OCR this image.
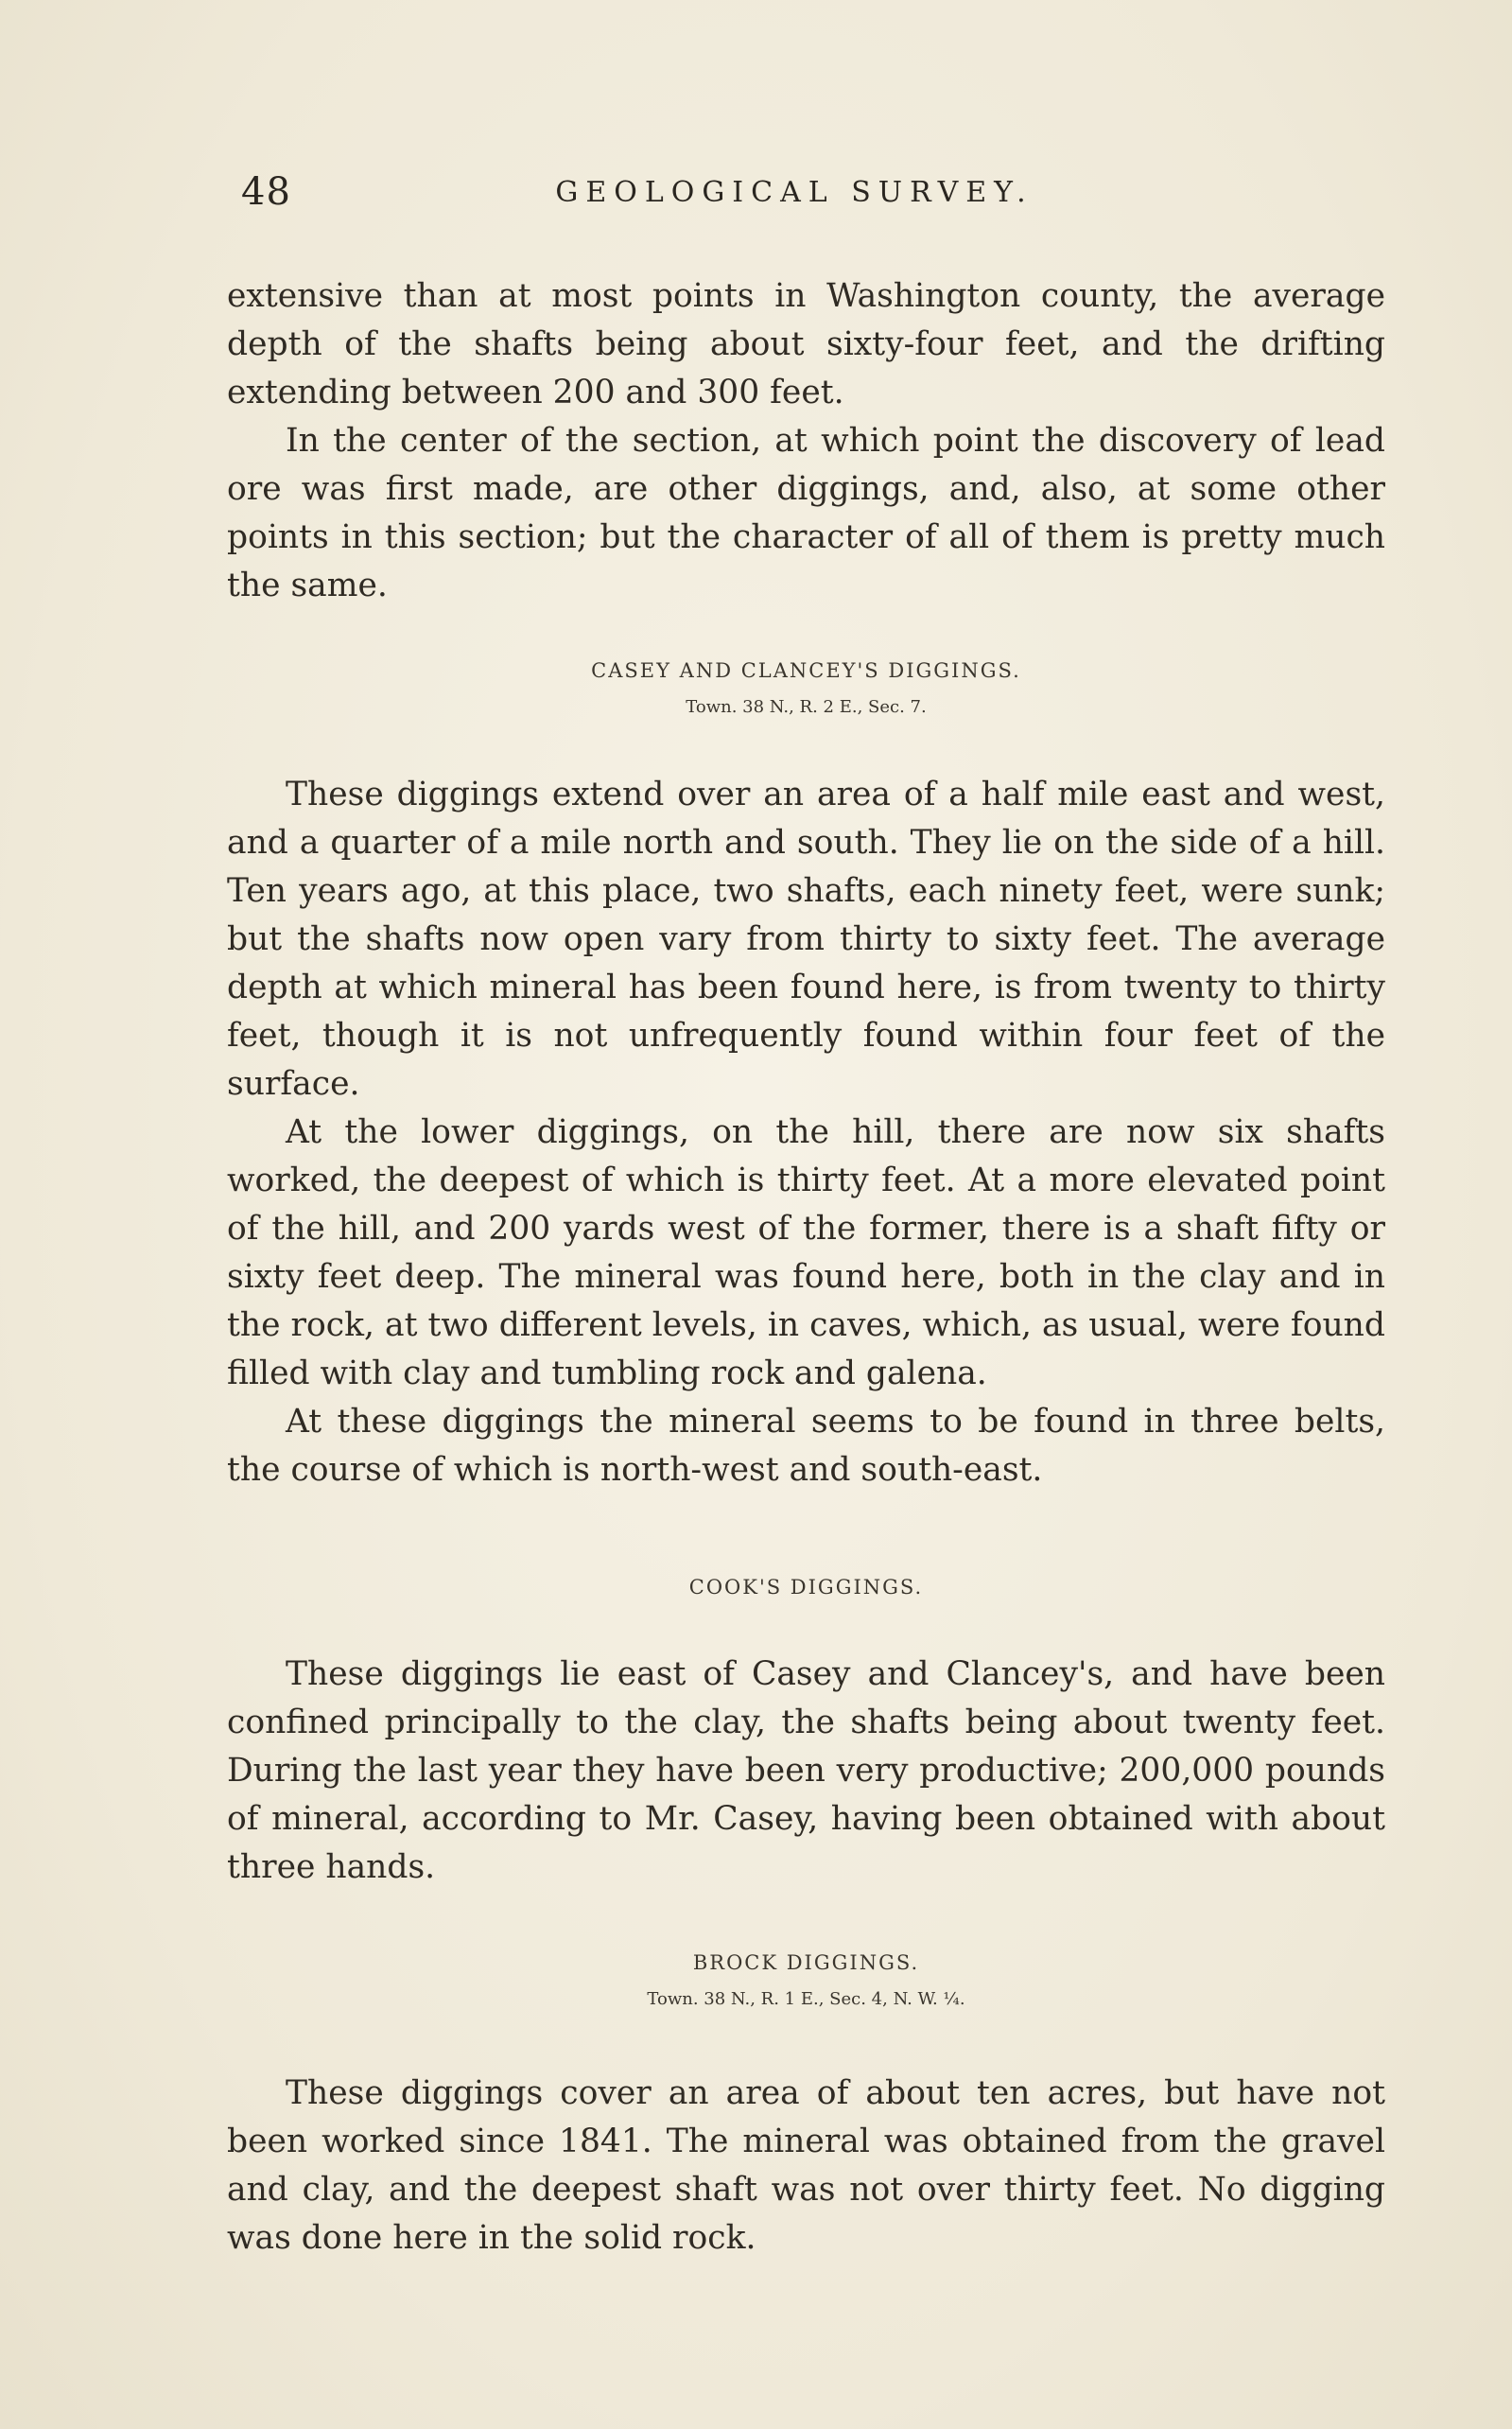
48	GEOLOGICAL SURVEY.

extensive than at most points in Washington county, the average depth of the shafts being about sixty-four feet, and the drifting extending between 200 and 300 feet.

In the center of the section, at which point the discovery of lead ore was first made, are other diggings, and, also, at some other points in this section; but the character of all of them is pretty much the same.

CASEY AND CLANCEY'S DIGGINGS.
Town. 38 N., R. 2 E., Sec. 7.

These diggings extend over an area of a half mile east and west, and a quarter of a mile north and south. They lie on the side of a hill. Ten years ago, at this place, two shafts, each ninety feet, were sunk; but the shafts now open vary from thirty to sixty feet. The average depth at which mineral has been found here, is from twenty to thirty feet, though it is not unfrequently found within four feet of the surface.

At the lower diggings, on the hill, there are now six shafts worked, the deepest of which is thirty feet. At a more elevated point of the hill, and 200 yards west of the former, there is a shaft fifty or sixty feet deep. The mineral was found here, both in the clay and in the rock, at two different levels, in caves, which, as usual, were found filled with clay and tumbling rock and galena.

At these diggings the mineral seems to be found in three belts, the course of which is north-west and south-east.

COOK'S DIGGINGS.

These diggings lie east of Casey and Clancey's, and have been confined principally to the clay, the shafts being about twenty feet. During the last year they have been very productive; 200,000 pounds of mineral, according to Mr. Casey, having been obtained with about three hands.

BROCK DIGGINGS.
Town. 38 N., R. 1 E., Sec. 4, N. W. ¼.

These diggings cover an area of about ten acres, but have not been worked since 1841. The mineral was obtained from the gravel and clay, and the deepest shaft was not over thirty feet. No digging was done here in the solid rock.
